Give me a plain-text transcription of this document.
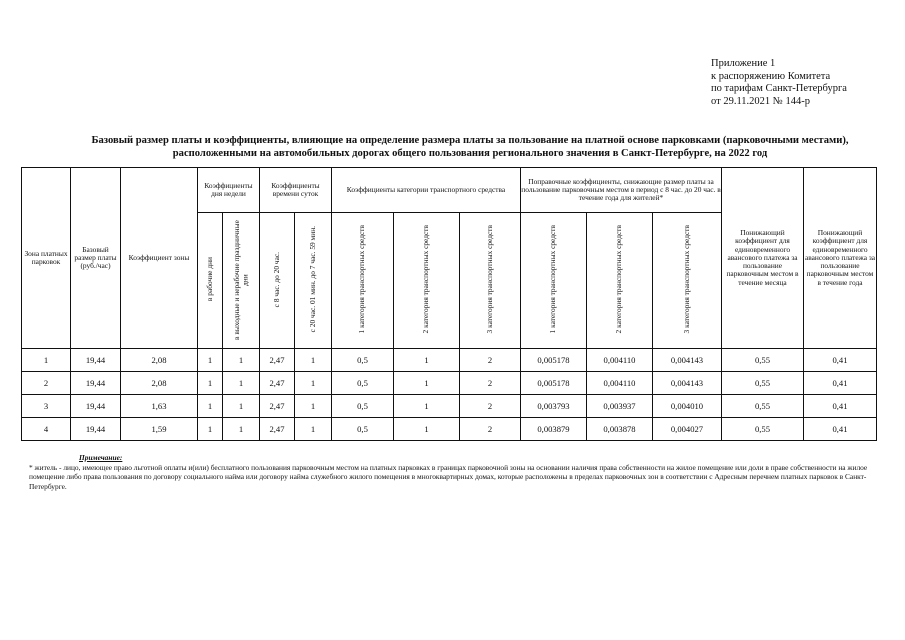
Приложение 1
к распоряжению Комитета
по тарифам Санкт-Петербурга
от 29.11.2021 № 144-р
Базовый размер платы и коэффициенты, влияющие на определение размера платы за пользование на платной основе парковками (парковочными местами), расположенными на автомобильных дорогах общего пользования регионального значения в Санкт-Петербурге, на 2022 год
Зона платных парковок	Базовый размер платы (руб./час)	Коэффициент зоны	Коэффициенты дня недели		Коэффициенты времени суток		Коэффициенты категории транспортного средства			Поправочные коэффициенты, снижающие размер платы за пользование парковочным местом в период с 8 час. до 20 час. в течение года для жителей*			Понижающий коэффициент для единовременного авансового платежа за пользование парковочным местом в течение месяца	Понижающий коэффициент для единовременного авансового платежа за пользование парковочным местом в течение года
			в рабочие дни	в выходные и нерабочие праздничные дни	с 8 час. до 20 час.	с 20 час. 01 мин. до 7 час. 59 мин.	1 категория транспортных средств	2 категория транспортных средств	3 категория транспортных средств	1 категория транспортных средств	2 категория транспортных средств	3 категория транспортных средств		
1	19,44	2,08	1	1	2,47	1	0,5	1	2	0,005178	0,004110	0,004143	0,55	0,41
2	19,44	2,08	1	1	2,47	1	0,5	1	2	0,005178	0,004110	0,004143	0,55	0,41
3	19,44	1,63	1	1	2,47	1	0,5	1	2	0,003793	0,003937	0,004010	0,55	0,41
4	19,44	1,59	1	1	2,47	1	0,5	1	2	0,003879	0,003878	0,004027	0,55	0,41
Примечание:
* житель - лицо, имеющее право льготной оплаты и(или) бесплатного пользования парковочным местом на платных парковках в границах парковочной зоны на основании наличия права собственности на жилое помещение или доли в праве собственности на жилое помещение либо права пользования по договору социального найма или договору найма служебного жилого помещения в многоквартирных домах, которые расположены в пределах парковочных зон в соответствии с Адресным перечнем платных парковок в Санкт-Петербурге.
